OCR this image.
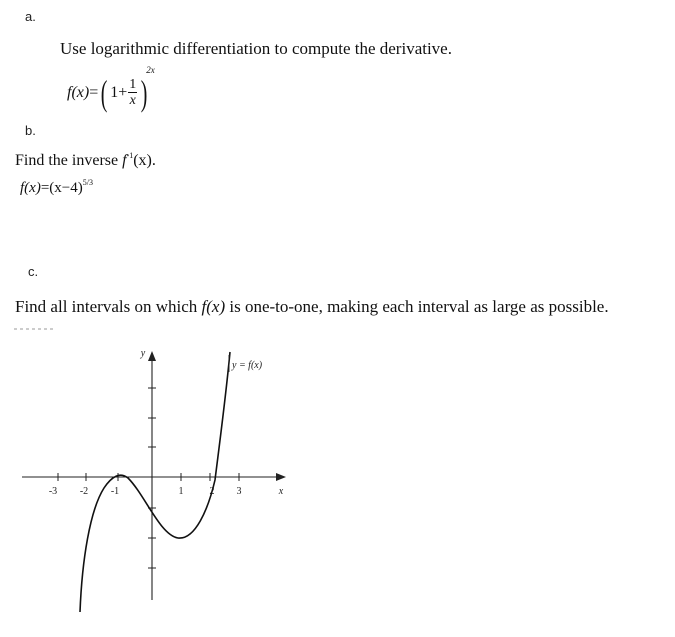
a.
Use logarithmic differentiation to compute the derivative.
f(x)=( $1+ \frac{1}{x} )^{2x}$
b.
Find the inverse $f^{-1}(x)$.
$f(x)=(x-4)^{5/3}$
c.
Find all intervals on which f(x) is one-to-one, making each interval as large as possible.
-3 -2 -1	1	2 3	x
y
y = f(x)
